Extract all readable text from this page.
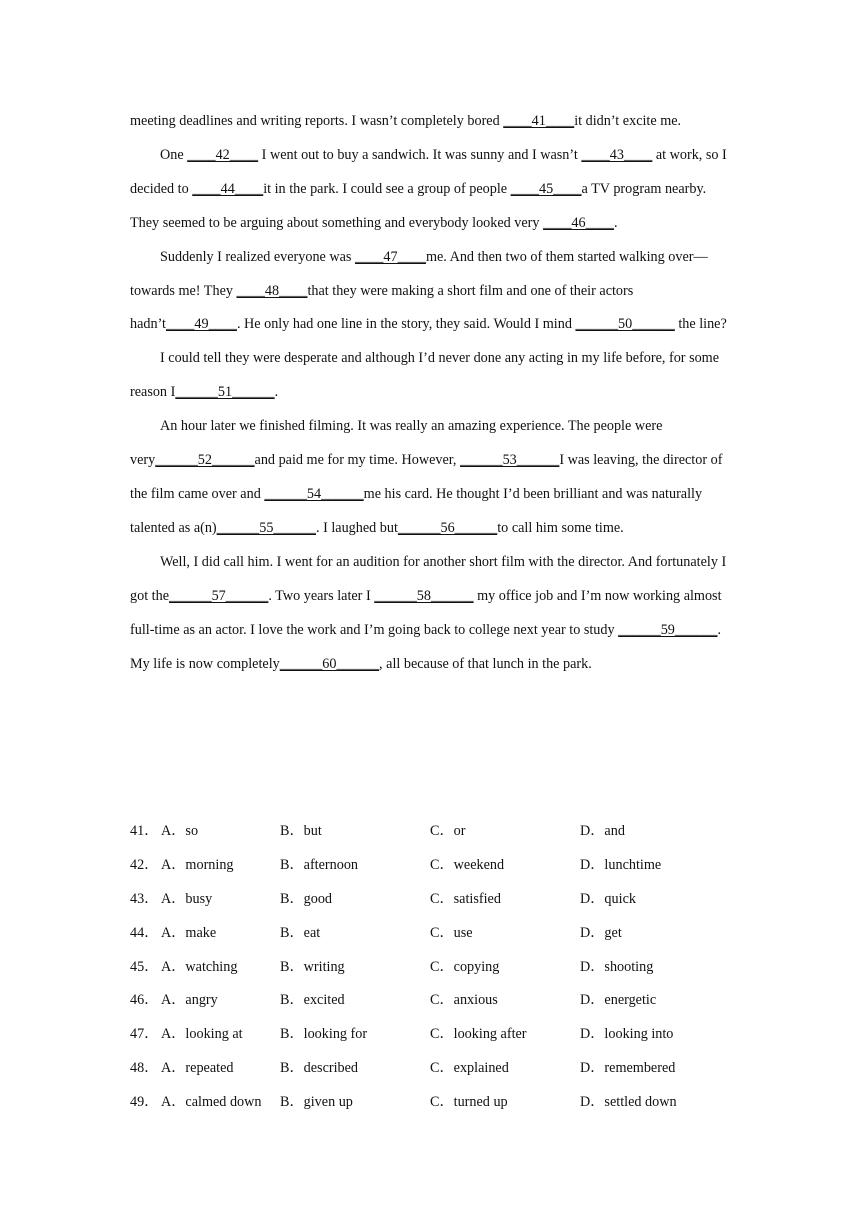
meeting deadlines and writing reports. I wasn’t completely bored ____41____it didn’t excite me.

One ____42____ I went out to buy a sandwich. It was sunny and I wasn’t ____43____ at work, so I decided to ____44____it in the park. I could see a group of people ____45____a TV program nearby. They seemed to be arguing about something and everybody looked very ____46____.

Suddenly I realized everyone was ____47____me. And then two of them started walking over—towards me! They ____48____that they were making a short film and one of their actors hadn’t____49____. He only had one line in the story, they said. Would I mind ______50______ the line?

I could tell they were desperate and although I’d never done any acting in my life before, for some reason I______51______.

An hour later we finished filming. It was really an amazing experience. The people were very______52______and paid me for my time. However, ______53______I was leaving, the director of the film came over and ______54______me his card. He thought I’d been brilliant and was naturally talented as a(n)______55______. I laughed but______56______to call him some time.

Well, I did call him. I went for an audition for another short film with the director. And fortunately I got the______57______. Two years later I ______58______ my office job and I’m now working almost full-time as an actor. I love the work and I’m going back to college next year to study ______59______. My life is now completely______60______, all because of that lunch in the park.

41． A．so	B．but	C．or	D．and
42． A．morning	B．afternoon	C．weekend	D．lunchtime
43． A．busy	B．good	C．satisfied	D．quick
44． A．make	B．eat	C．use	D．get
45． A．watching	B．writing	C．copying	D．shooting
46． A．angry	B．excited	C．anxious	D．energetic
47． A．looking at	B．looking for	C．looking after	D．looking into
48． A．repeated	B．described	C．explained	D．remembered
49． A．calmed down B．given up	C．turned up	D．settled down
